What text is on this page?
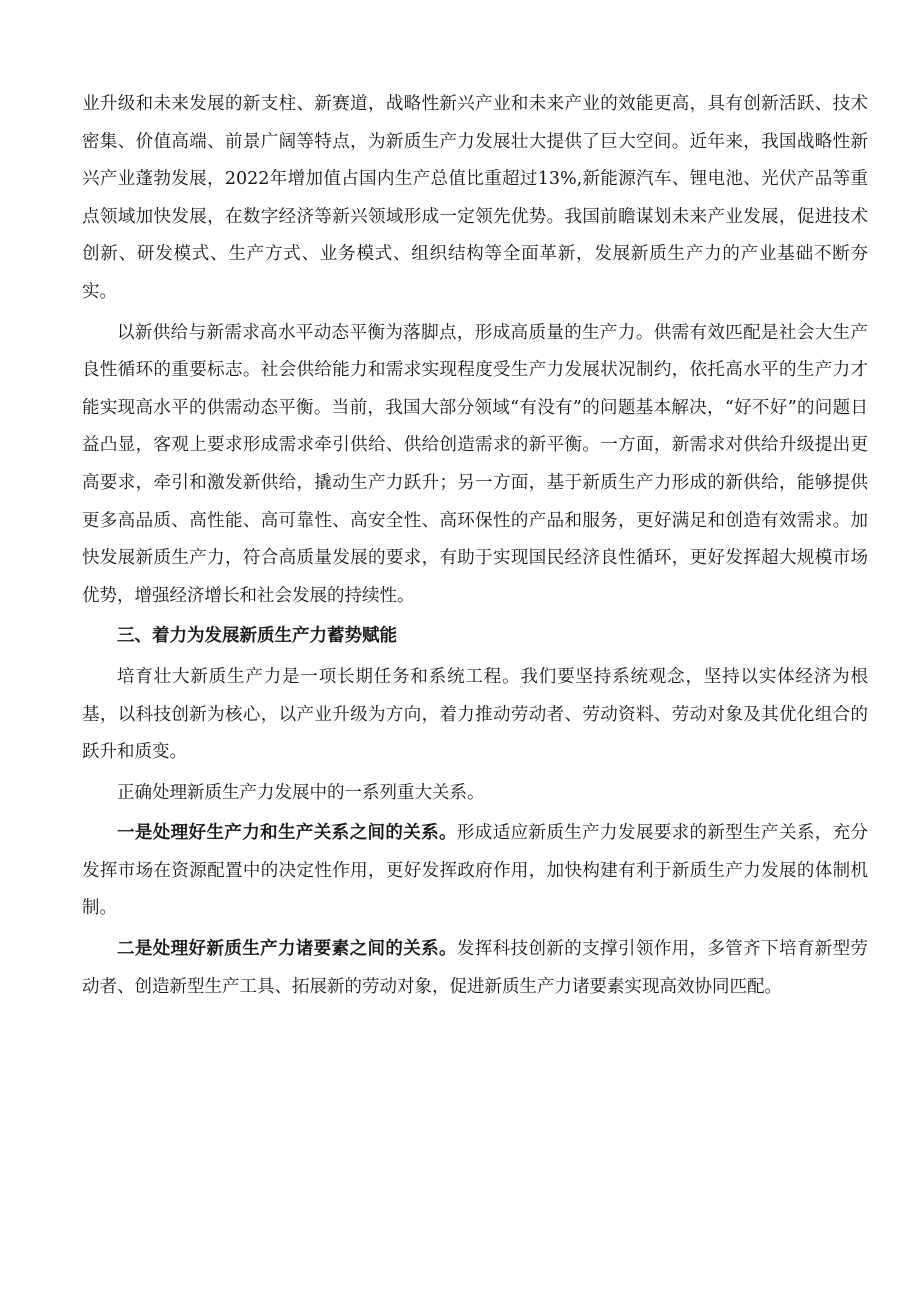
业升级和未来发展的新支柱、新赛道，战略性新兴产业和未来产业的效能更高，具有创新活跃、技术密集、价值高端、前景广阔等特点，为新质生产力发展壮大提供了巨大空间。近年来，我国战略性新兴产业蓬勃发展，2022年增加值占国内生产总值比重超过13%,新能源汽车、锂电池、光伏产品等重点领域加快发展，在数字经济等新兴领域形成一定领先优势。我国前瞻谋划未来产业发展，促进技术创新、研发模式、生产方式、业务模式、组织结构等全面革新，发展新质生产力的产业基础不断夯实。

以新供给与新需求高水平动态平衡为落脚点，形成高质量的生产力。供需有效匹配是社会大生产良性循环的重要标志。社会供给能力和需求实现程度受生产力发展状况制约，依托高水平的生产力才能实现高水平的供需动态平衡。当前，我国大部分领域“有没有”的问题基本解决，“好不好”的问题日益凸显，客观上要求形成需求牵引供给、供给创造需求的新平衡。一方面，新需求对供给升级提出更高要求，牵引和激发新供给，撬动生产力跃升；另一方面，基于新质生产力形成的新供给，能够提供更多高品质、高性能、高可靠性、高安全性、高环保性的产品和服务，更好满足和创造有效需求。加快发展新质生产力，符合高质量发展的要求，有助于实现国民经济良性循环，更好发挥超大规模市场优势，增强经济增长和社会发展的持续性。

三、着力为发展新质生产力蓄势赋能

培育壮大新质生产力是一项长期任务和系统工程。我们要坚持系统观念，坚持以实体经济为根基，以科技创新为核心，以产业升级为方向，着力推动劳动者、劳动资料、劳动对象及其优化组合的跃升和质变。

正确处理新质生产力发展中的一系列重大关系。

一是处理好生产力和生产关系之间的关系。形成适应新质生产力发展要求的新型生产关系，充分发挥市场在资源配置中的决定性作用，更好发挥政府作用，加快构建有利于新质生产力发展的体制机制。

二是处理好新质生产力诸要素之间的关系。发挥科技创新的支撑引领作用，多管齐下培育新型劳动者、创造新型生产工具、拓展新的劳动对象，促进新质生产力诸要素实现高效协同匹配。
